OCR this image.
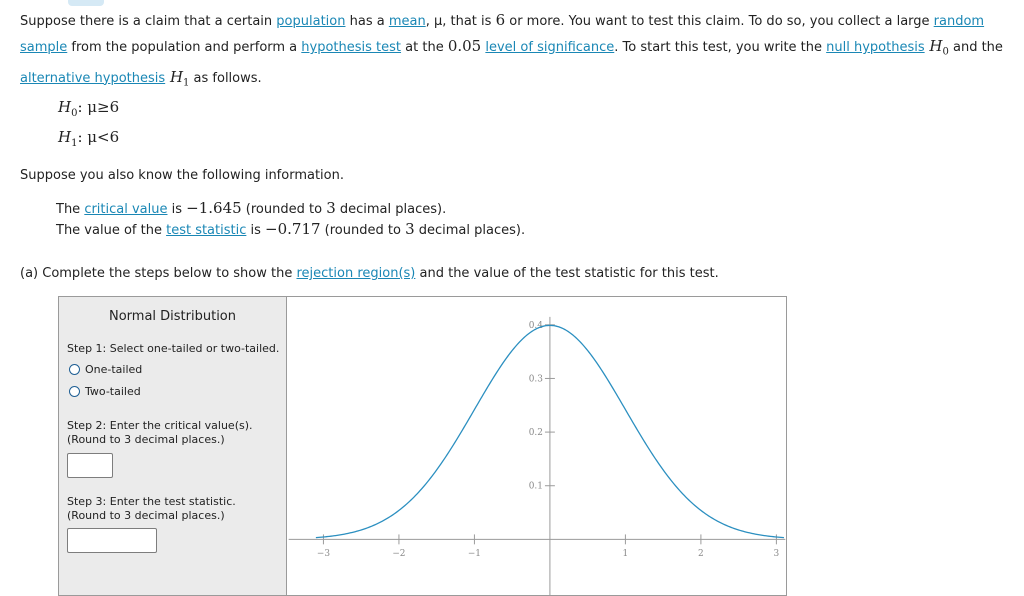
Suppose there is a claim that a certain population has a mean, μ, that is 6 or more. You want to test this claim. To do so, you collect a large random sample from the population and perform a hypothesis test at the 0.05 level of significance. To start this test, you write the null hypothesis $H_0$ and the alternative hypothesis $H_1$ as follows.
$H_0$: μ≥6
$H_1$: μ<6
Suppose you also know the following information.
The critical value is −1.645 (rounded to 3 decimal places).
The value of the test statistic is −0.717 (rounded to 3 decimal places).
(a) Complete the steps below to show the rejection region(s) and the value of the test statistic for this test.
Normal Distribution
Step 1: Select one-tailed or two-tailed.
One-tailed
Two-tailed
Step 2: Enter the critical value(s).
(Round to 3 decimal places.)
Step 3: Enter the test statistic.
(Round to 3 decimal places.)
−3	−2	−1	1	2	3
0.1
0.2
0.3
0.4
